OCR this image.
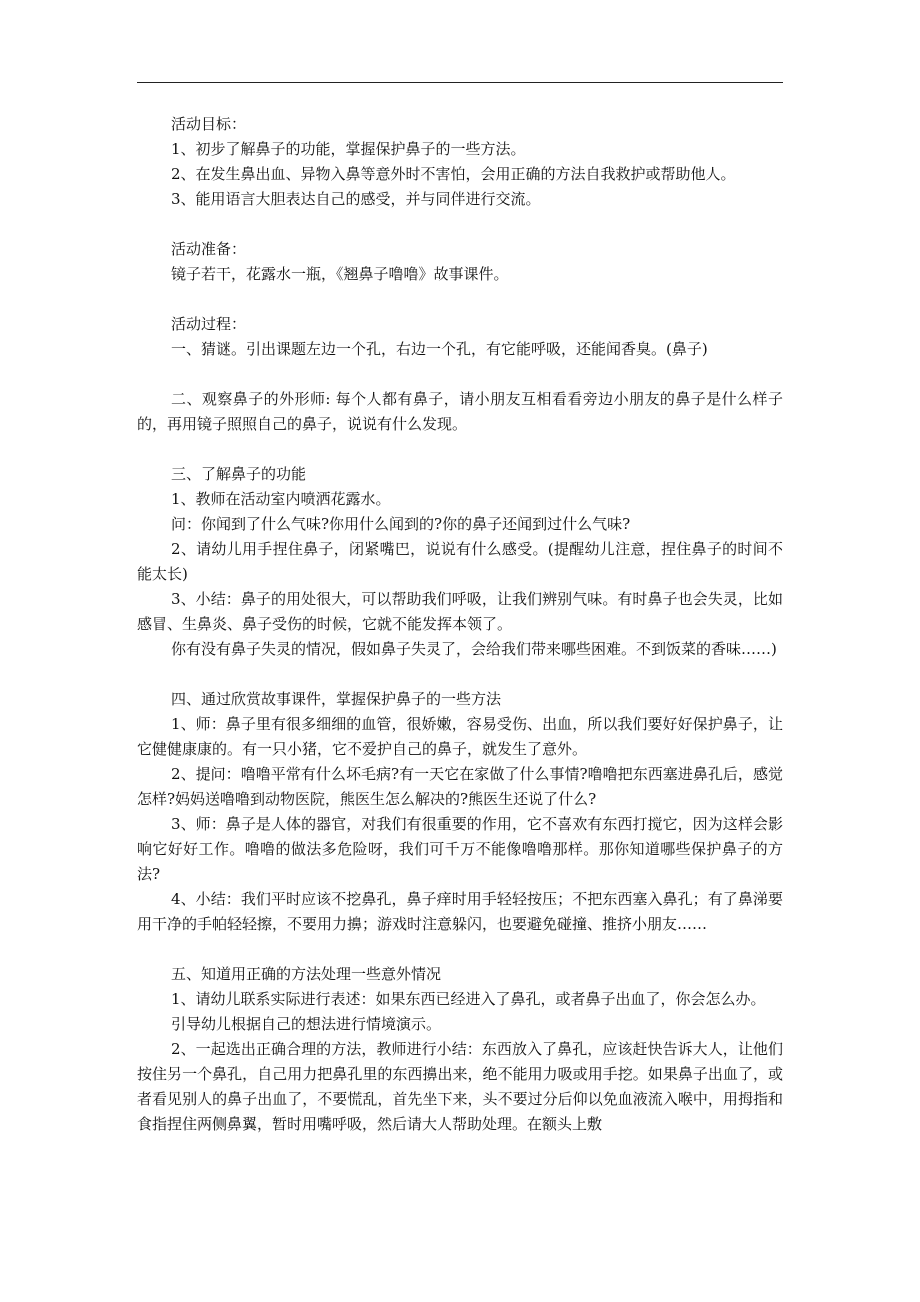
活动目标：

1、初步了解鼻子的功能，掌握保护鼻子的一些方法。

2、在发生鼻出血、异物入鼻等意外时不害怕，会用正确的方法自我救护或帮助他人。

3、能用语言大胆表达自己的感受，并与同伴进行交流。

活动准备：

镜子若干，花露水一瓶，《翘鼻子噜噜》故事课件。

活动过程：

一、猜谜。引出课题左边一个孔，右边一个孔，有它能呼吸，还能闻香臭。(鼻子)

二、观察鼻子的外形师: 每个人都有鼻子，请小朋友互相看看旁边小朋友的鼻子是什么样子的，再用镜子照照自己的鼻子，说说有什么发现。

三、了解鼻子的功能

1、教师在活动室内喷洒花露水。

问：你闻到了什么气味?你用什么闻到的?你的鼻子还闻到过什么气味?

2、请幼儿用手捏住鼻子，闭紧嘴巴，说说有什么感受。(提醒幼儿注意，捏住鼻子的时间不能太长)

3、小结：鼻子的用处很大，可以帮助我们呼吸，让我们辨别气味。有时鼻子也会失灵，比如感冒、生鼻炎、鼻子受伤的时候，它就不能发挥本领了。

你有没有鼻子失灵的情况，假如鼻子失灵了，会给我们带来哪些困难。不到饭菜的香味……)

四、通过欣赏故事课件，掌握保护鼻子的一些方法

1、师：鼻子里有很多细细的血管，很娇嫩，容易受伤、出血，所以我们要好好保护鼻子，让它健健康康的。有一只小猪，它不爱护自己的鼻子，就发生了意外。

2、提问：噜噜平常有什么坏毛病?有一天它在家做了什么事情?噜噜把东西塞进鼻孔后，感觉怎样?妈妈送噜噜到动物医院，熊医生怎么解决的?熊医生还说了什么?

3、师：鼻子是人体的器官，对我们有很重要的作用，它不喜欢有东西打搅它，因为这样会影响它好好工作。噜噜的做法多危险呀，我们可千万不能像噜噜那样。那你知道哪些保护鼻子的方法?

4、小结：我们平时应该不挖鼻孔，鼻子痒时用手轻轻按压；不把东西塞入鼻孔；有了鼻涕要用干净的手帕轻轻擦，不要用力擤；游戏时注意躲闪，也要避免碰撞、推挤小朋友……

五、知道用正确的方法处理一些意外情况

1、请幼儿联系实际进行表述：如果东西已经进入了鼻孔，或者鼻子出血了，你会怎么办。

引导幼儿根据自己的想法进行情境演示。

2、一起选出正确合理的方法，教师进行小结：东西放入了鼻孔，应该赶快告诉大人，让他们按住另一个鼻孔，自己用力把鼻孔里的东西擤出来，绝不能用力吸或用手挖。如果鼻子出血了，或者看见别人的鼻子出血了，不要慌乱，首先坐下来，头不要过分后仰以免血液流入喉中，用拇指和食指捏住两侧鼻翼，暂时用嘴呼吸，然后请大人帮助处理。在额头上敷
